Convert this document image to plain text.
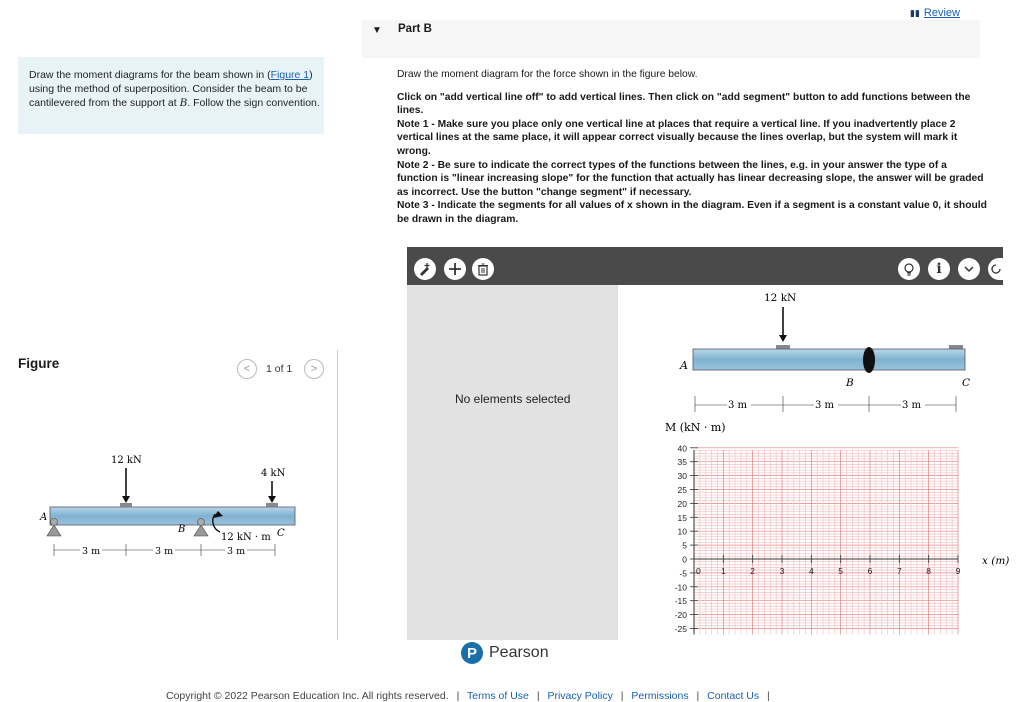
Draw the moment diagrams for the beam shown in (Figure 1) using the method of superposition. Consider the beam to be cantilevered from the support at B. Follow the sign convention.
Figure	< 1 of 1 >
A
B	C
12 kN
4 kN
12 kN · m
3 m	3 m	3 m
▮▮ Review
▼ Part B
Draw the moment diagram for the force shown in the figure below.
Click on "add vertical line off" to add vertical lines. Then click on "add segment" button to add functions between the lines.
Note 1 - Make sure you place only one vertical line at places that require a vertical line. If you inadvertently place 2 vertical lines at the same place, it will appear correct visually because the lines overlap, but the system will mark it wrong.
Note 2 - Be sure to indicate the correct types of the functions between the lines, e.g. in your answer the type of a function is "linear increasing slope" for the function that actually has linear decreasing slope, the answer will be graded as incorrect. Use the button "change segment" if necessary.
Note 3 - Indicate the segments for all values of x shown in the diagram. Even if a segment is a constant value 0, it should be drawn in the diagram.
i
No elements selected
12 kN
A
B	C
3 m	3 m	3 m
M (kN · m)
x (m)
40
35
30
25
20
15
10
5
0
-5
-10
-15
-20
-25
1	2	3	4	5	6	7	8	9
0
P Pearson
Copyright © 2022 Pearson Education Inc. All rights reserved. | Terms of Use | Privacy Policy | Permissions | Contact Us |
